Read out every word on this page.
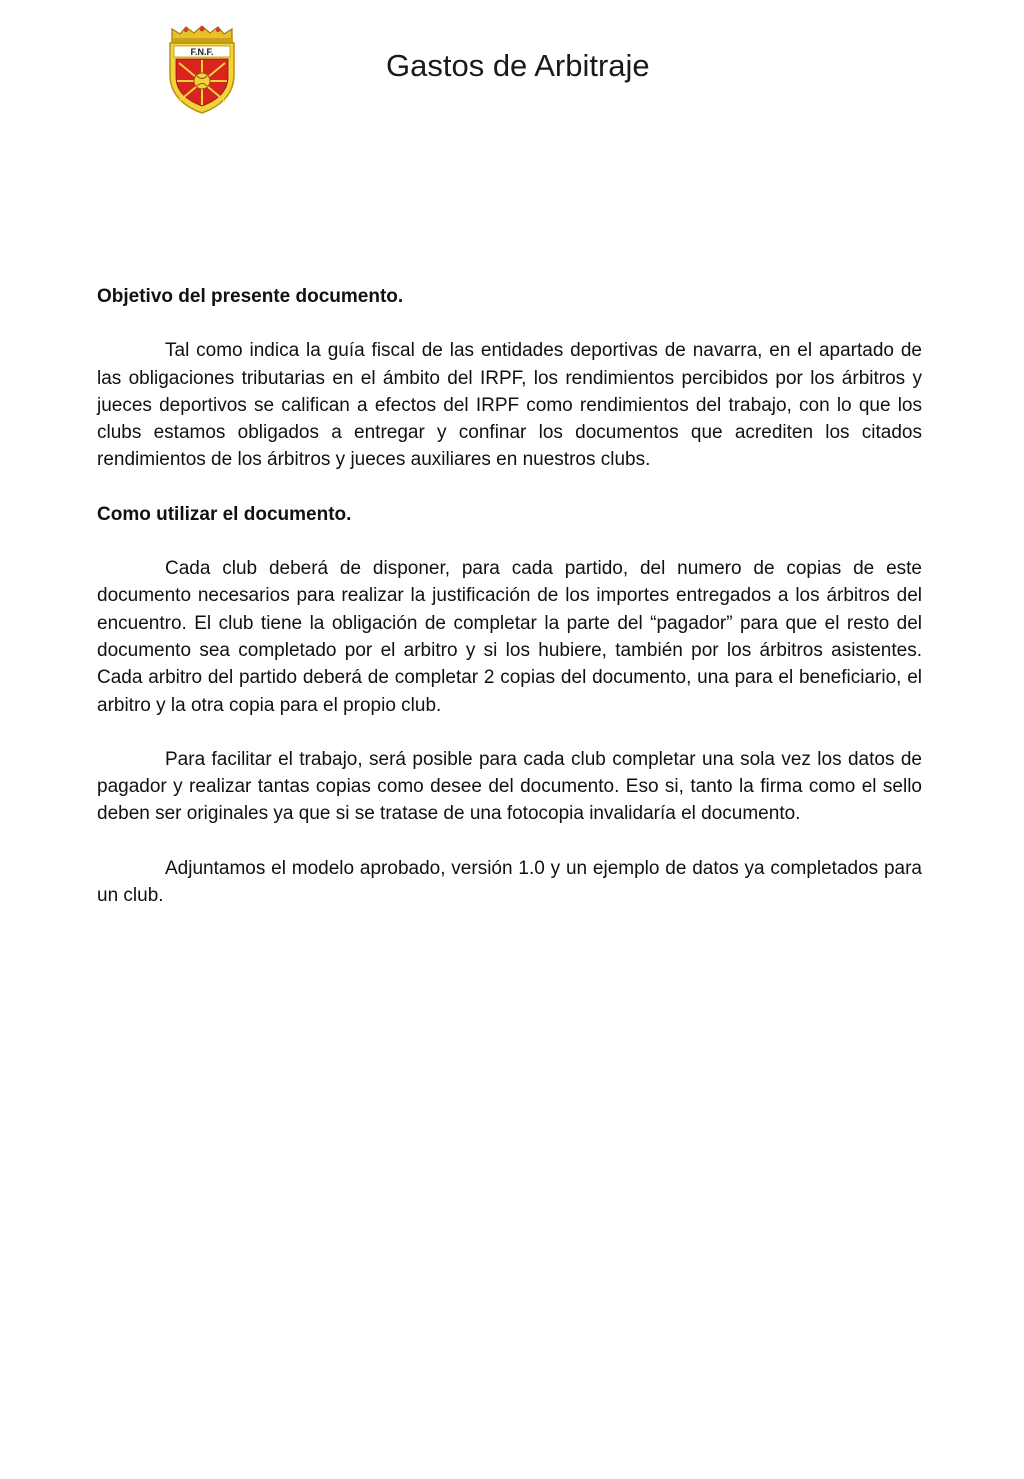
F.N.F.	Gastos de Arbitraje

Objetivo del presente documento.

Tal como indica la guía fiscal de las entidades deportivas de navarra, en el apartado de las obligaciones tributarias en el ámbito del IRPF, los rendimientos percibidos por los árbitros y jueces deportivos se califican a efectos del IRPF como rendimientos del trabajo, con lo que los clubs estamos obligados a entregar y confinar los documentos que acrediten los citados rendimientos de los árbitros y jueces auxiliares en nuestros clubs.

Como utilizar el documento.

Cada club deberá de disponer, para cada partido, del numero de copias de este documento necesarios para realizar la justificación de los importes entregados a los árbitros del encuentro. El club tiene la obligación de completar la parte del “pagador” para que el resto del documento sea completado por el arbitro y si los hubiere, también por los árbitros asistentes. Cada arbitro del partido deberá de completar 2 copias del documento, una para el beneficiario, el arbitro y la otra copia para el propio club.

Para facilitar el trabajo, será posible para cada club completar una sola vez los datos de pagador y realizar tantas copias como desee del documento. Eso si, tanto la firma como el sello deben ser originales ya que si se tratase de una fotocopia invalidaría el documento.

Adjuntamos el modelo aprobado, versión 1.0 y un ejemplo de datos ya completados para un club.
